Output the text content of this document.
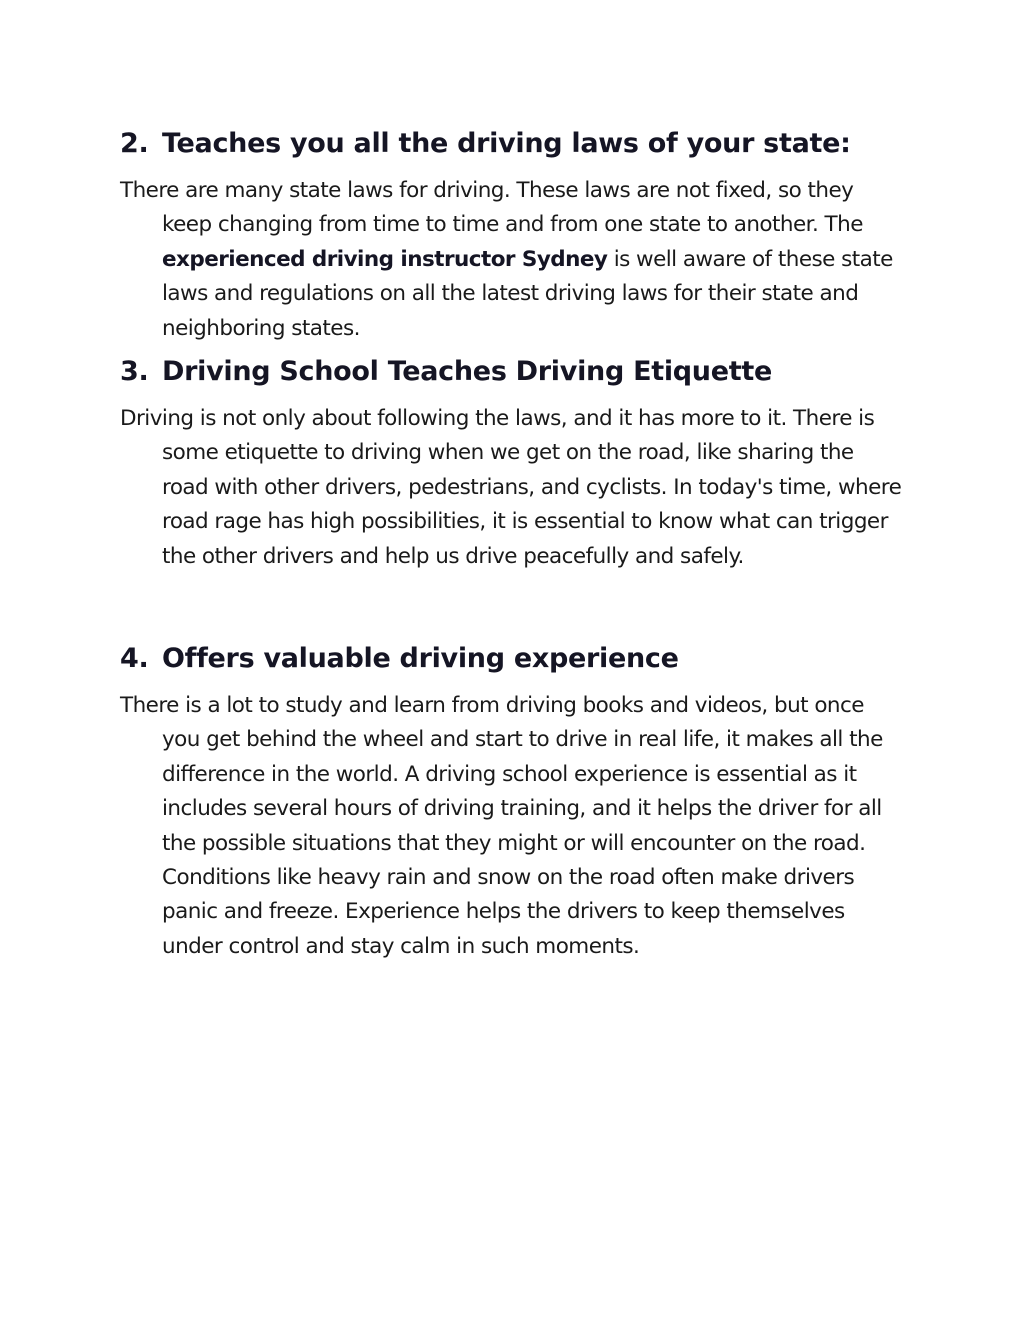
2. Teaches you all the driving laws of your state:

There are many state laws for driving. These laws are not fixed, so they keep changing from time to time and from one state to another. The experienced driving instructor Sydney is well aware of these state laws and regulations on all the latest driving laws for their state and neighboring states.

3. Driving School Teaches Driving Etiquette

Driving is not only about following the laws, and it has more to it. There is some etiquette to driving when we get on the road, like sharing the road with other drivers, pedestrians, and cyclists. In today's time, where road rage has high possibilities, it is essential to know what can trigger the other drivers and help us drive peacefully and safely.

4. Offers valuable driving experience

There is a lot to study and learn from driving books and videos, but once you get behind the wheel and start to drive in real life, it makes all the difference in the world. A driving school experience is essential as it includes several hours of driving training, and it helps the driver for all the possible situations that they might or will encounter on the road. Conditions like heavy rain and snow on the road often make drivers panic and freeze. Experience helps the drivers to keep themselves under control and stay calm in such moments.
